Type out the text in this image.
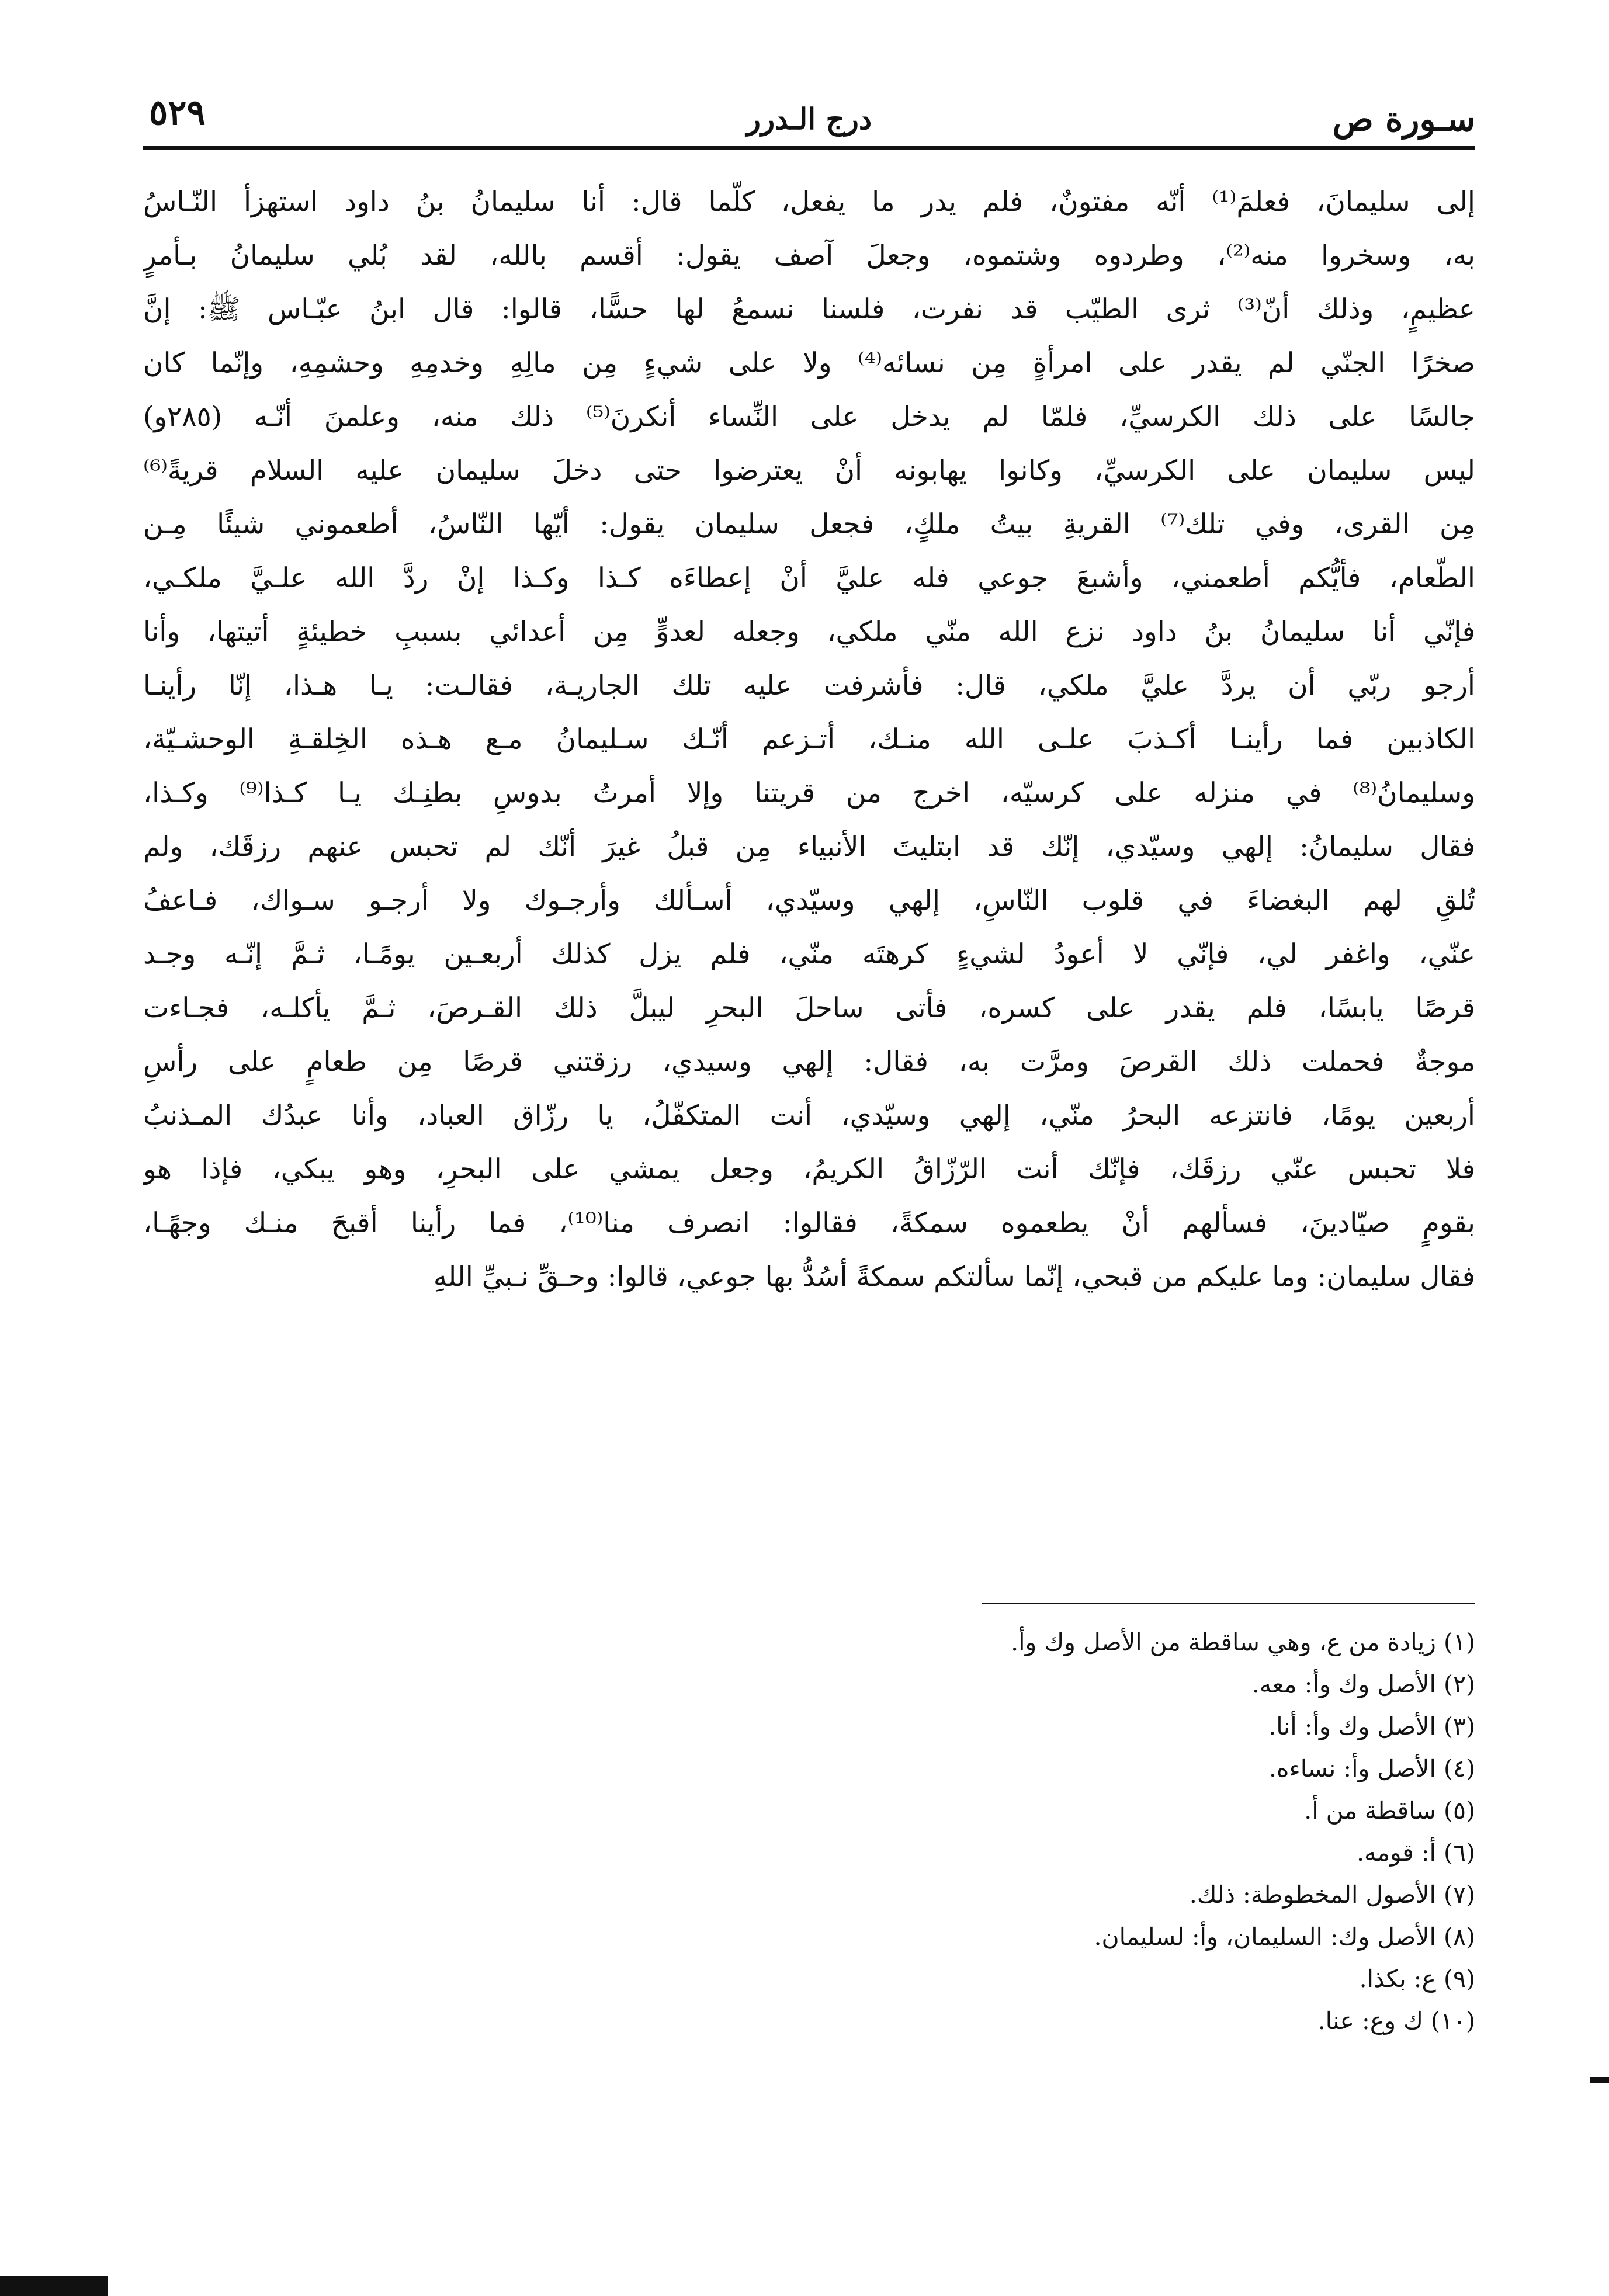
سـورة ص
درج الـدرر
٥٢٩
إلى سليمانَ، فعلمَ⁽¹⁾ أنّه مفتونٌ، فلم يدر ما يفعل، كلّما قال: أنا سليمانُ بنُ داود استهزأ النّـاسُ
به، وسخروا منه⁽²⁾، وطردوه وشتموه، وجعلَ آصف يقول: أقسم بالله، لقد بُلي سليمانُ بـأمرٍ
عظيمٍ، وذلك أنّ⁽³⁾ ثرى الطيّب قد نفرت، فلسنا نسمعُ لها حسًّا، قالوا: قال ابنُ عبّـاس ﷺ: إنَّ
صخرًا الجنّي لم يقدر على امرأةٍ مِن نسائه⁽⁴⁾ ولا على شيءٍ مِن مالِهِ وخدمِهِ وحشمِهِ، وإنّما كان
جالسًا على ذلك الكرسيِّ، فلمّا لم يدخل على النِّساء أنكرنَ⁽⁵⁾ ذلك منه، وعلمنَ أنّـه (٢٨٥و)
ليس سليمان على الكرسيِّ، وكانوا يهابونه أنْ يعترضوا حتى دخلَ سليمان عليه السلام قريةً⁽⁶⁾
مِن القرى، وفي تلك⁽⁷⁾ القريةِ بيتُ ملكٍ، فجعل سليمان يقول: أيّها النّاسُ، أطعموني شيئًا مِـن
الطّعام، فأيُّكم أطعمني، وأشبعَ جوعي فله عليَّ أنْ إعطاءَه كـذا وكـذا إنْ ردَّ الله علـيَّ ملكـي،
فإنّي أنا سليمانُ بنُ داود نزع الله منّي ملكي، وجعله لعدوٍّ مِن أعدائي بسببِ خطيئةٍ أتيتها، وأنا
أرجو ربّي أن يردَّ عليَّ ملكي، قال: فأشرفت عليه تلك الجاريـة، فقالـت: يـا هـذا، إنّا رأينـا
الكاذبين فما رأينـا أكـذبَ علـى الله منـك، أتـزعم أنّـك سـليمانُ مـع هـذه الخِلقـةِ الوحشـيّة،
وسليمانُ⁽⁸⁾ في منزله على كرسيّه، اخرج من قريتنا وإلا أمرتُ بدوسِ بطنِـك يـا كـذا⁽⁹⁾ وكـذا،
فقال سليمانُ: إلهي وسيّدي، إنّك قد ابتليتَ الأنبياء مِن قبلُ غيرَ أنّك لم تحبس عنهم رزقَك، ولم
تُلقِ لهم البغضاءَ في قلوب النّاسِ، إلهي وسيّدي، أسـألك وأرجـوك ولا أرجـو سـواك، فـاعفُ
عنّي، واغفر لي، فإنّي لا أعودُ لشيءٍ كرهتَه منّي، فلم يزل كذلك أربعـين يومًـا، ثـمَّ إنّـه وجـد
قرصًا يابسًا، فلم يقدر على كسره، فأتى ساحلَ البحرِ ليبلَّ ذلك القـرصَ، ثـمَّ يأكلـه، فجـاءت
موجةٌ فحملت ذلك القرصَ ومرَّت به، فقال: إلهي وسيدي، رزقتني قرصًا مِن طعامٍ على رأسِ
أربعين يومًا، فانتزعه البحرُ منّي، إلهي وسيّدي، أنت المتكفّلُ، يا رزّاق العباد، وأنا عبدُك المـذنبُ
فلا تحبس عنّي رزقَك، فإنّك أنت الرّزّاقُ الكريمُ، وجعل يمشي على البحرِ، وهو يبكي، فإذا هو
بقومٍ صيّادينَ، فسألهم أنْ يطعموه سمكةً، فقالوا: انصرف منا⁽¹⁰⁾، فما رأينا أقبحَ منـك وجهًـا،
فقال سليمان: وما عليكم من قبحي، إنّما سألتكم سمكةً أسُدُّ بها جوعي، قالوا: وحـقِّ نـبيِّ اللهِ
(١) زيادة من ع، وهي ساقطة من الأصل وك وأ.
(٢) الأصل وك وأ: معه.
(٣) الأصل وك وأ: أنا.
(٤) الأصل وأ: نساءه.
(٥) ساقطة من أ.
(٦) أ: قومه.
(٧) الأصول المخطوطة: ذلك.
(٨) الأصل وك: السليمان، وأ: لسليمان.
(٩) ع: بكذا.
(١٠) ك وع: عنا.
